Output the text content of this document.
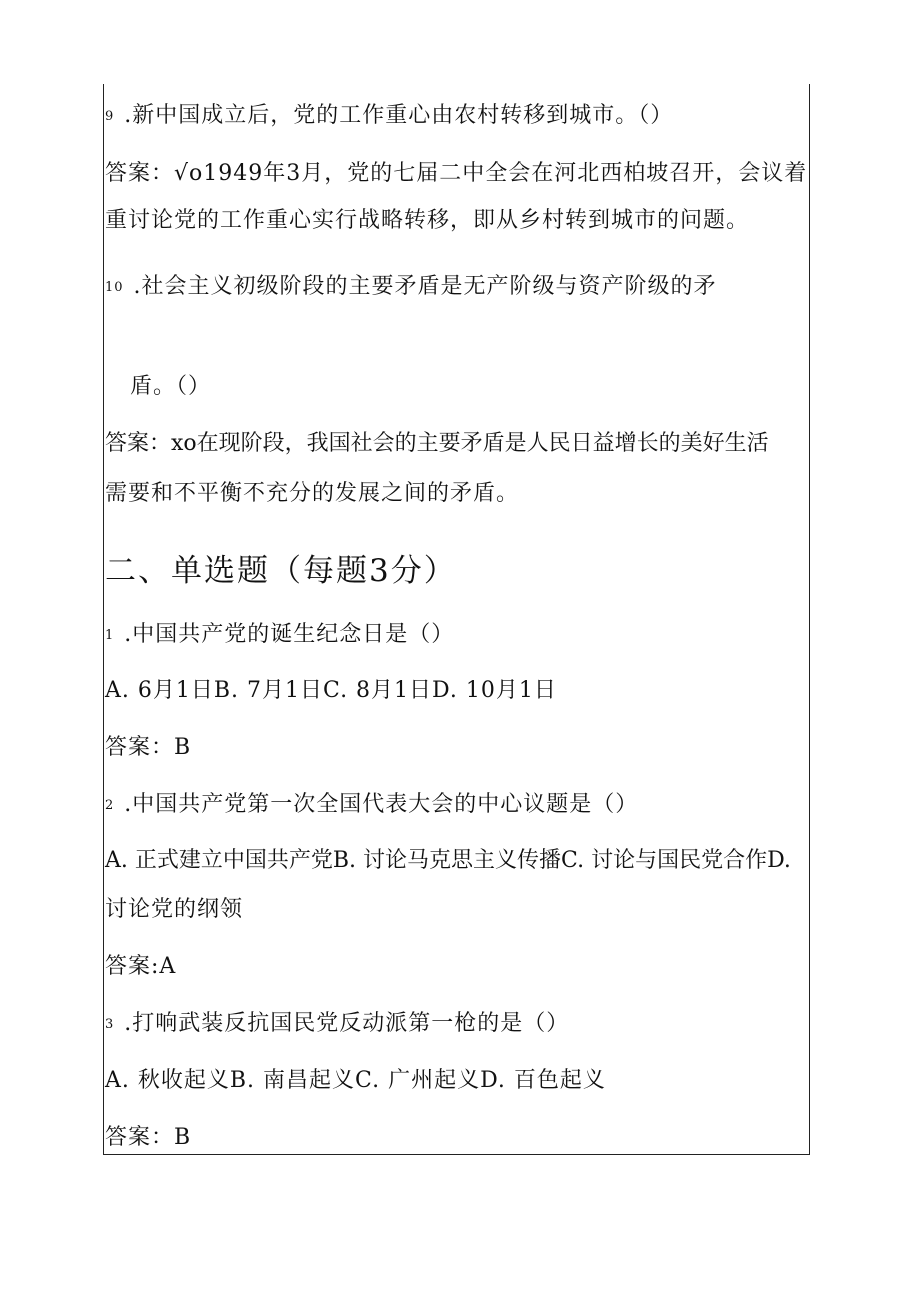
9 .新中国成立后，党的工作重心由农村转移到城市。（）
答案：√o1949年3月，党的七届二中全会在河北西柏坡召开，会议着
重讨论党的工作重心实行战略转移，即从乡村转到城市的问题。
10 .社会主义初级阶段的主要矛盾是无产阶级与资产阶级的矛
盾。（）
答案：xo在现阶段，我国社会的主要矛盾是人民日益增长的美好生活
需要和不平衡不充分的发展之间的矛盾。
二、单选题（每题3分）
1 .中国共产党的诞生纪念日是（）
A. 6月1日B. 7月1日C. 8月1日D. 10月1日
答案：B
2 .中国共产党第一次全国代表大会的中心议题是（）
A. 正式建立中国共产党B. 讨论马克思主义传播C. 讨论与国民党合作D.
讨论党的纲领
答案:A
3 .打响武装反抗国民党反动派第一枪的是（）
A. 秋收起义B. 南昌起义C. 广州起义D. 百色起义
答案：B
